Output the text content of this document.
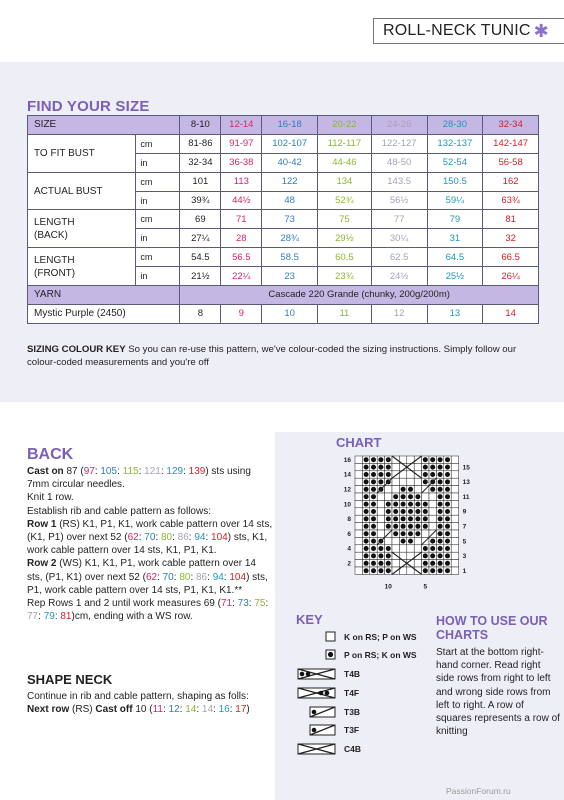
ROLL-NECK TUNIC ✱
FIND YOUR SIZE
SIZE		8-10	12-14	16-18	20-22	24-26	28-30	32-34
TO FIT BUST	cm	81-86	91-97	102-107	112-117	122-127	132-137	142-147
	in	32-34	36-38	40-42	44-46	48-50	52-54	56-58
ACTUAL BUST	cm	101	113	122	134	143.5	150.5	162
	in	39¾	44½	48	52¾	56½	59¼	63¾
LENGTH
(BACK)	cm	69	71	73	75	77	79	81
	in	27¼	28	28¾	29½	30¼	31	32
LENGTH
(FRONT)	cm	54.5	56.5	58.5	60.5	62.5	64.5	66.5
	in	21½	22¼	23	23¾	24½	25½	26¼
YARN		Cascade 220 Grande (chunky, 200g/200m)						
Mystic Purple (2450)		8	9	10	11	12	13	14
SIZING COLOUR KEY So you can re-use this pattern, we've colour-coded the sizing instructions. Simply follow our colour-coded measurements and you're off
BACK

Cast on 87 (97: 105: 115: 121: 129: 139) sts using 7mm circular needles.

Knit 1 row.

Establish rib and cable pattern as follows:

Row 1 (RS) K1, P1, K1, work cable pattern over 14 sts, (K1, P1) over next 52 (62: 70: 80: 86: 94: 104) sts, K1, work cable pattern over 14 sts, K1, P1, K1.

Row 2 (WS) K1, K1, P1, work cable pattern over 14 sts, (P1, K1) over next 52 (62: 70: 80: 86: 94: 104) sts, P1, work cable pattern over 14 sts, P1, K1, K1.**

Rep Rows 1 and 2 until work measures 69 (71: 73: 75: 77: 79: 81)cm, ending with a WS row.

SHAPE NECK

Continue in rib and cable pattern, shaping as folls:

Next row (RS) Cast off 10 (11: 12: 14: 14: 16: 17)

CHART
16
14
12
10
8
6
4
2
15
13
11
9
7
5
3
1
10	5
KEY
K on RS; P on WS
P on RS; K on WS
T4B
T4F
T3B
T3F
C4B
HOW TO USE OUR CHARTS
Start at the bottom right-hand corner. Read right side rows from right to left and wrong side rows from left to right. A row of squares represents a row of knitting
PassionForum.ru
